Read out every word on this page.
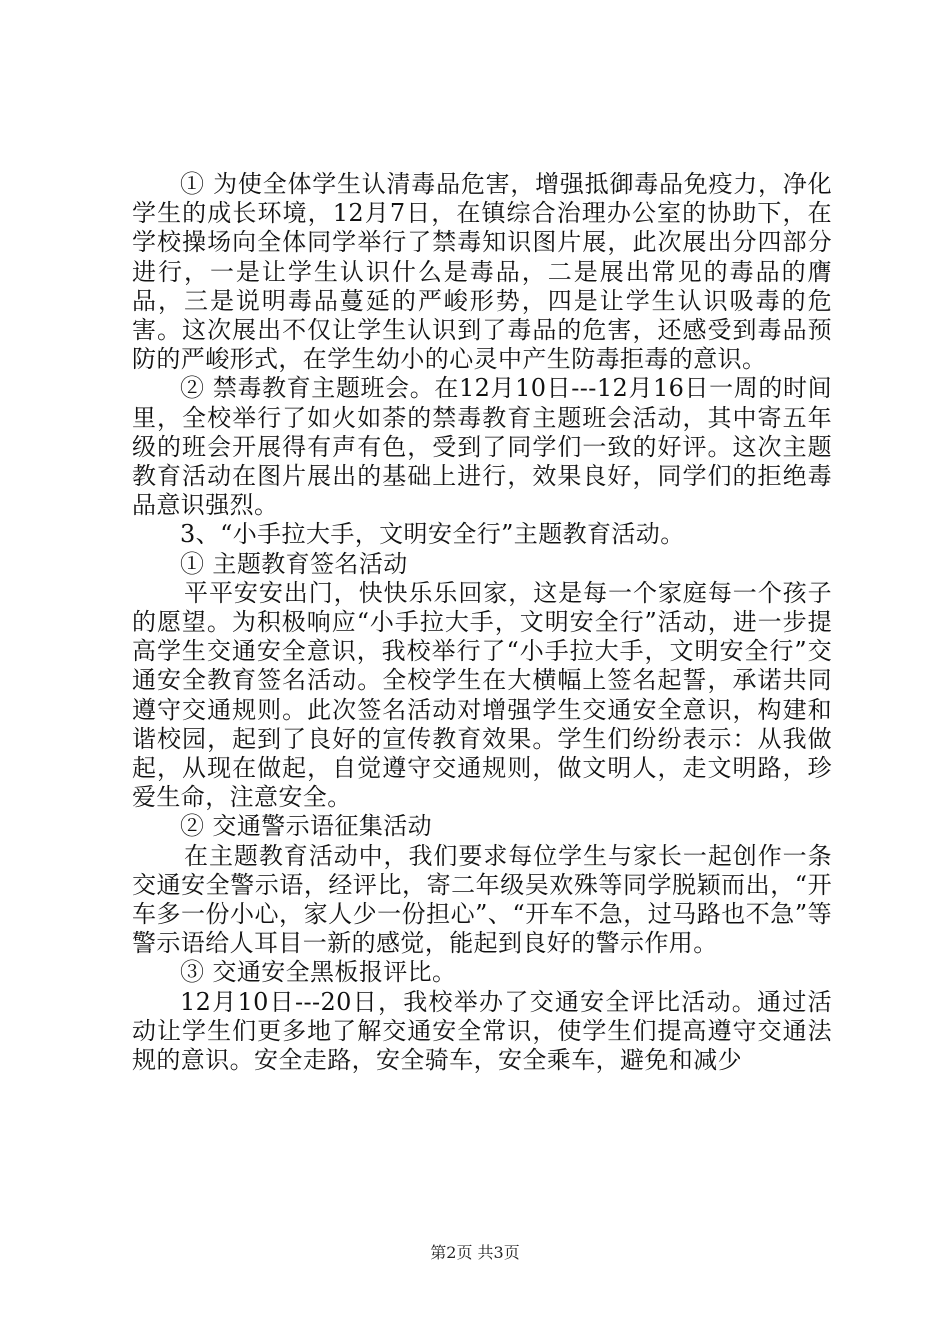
① 为使全体学生认清毒品危害，增强抵御毒品免疫力，净化学生的成长环境，12月7日，在镇综合治理办公室的协助下，在学校操场向全体同学举行了禁毒知识图片展，此次展出分四部分进行，一是让学生认识什么是毒品，二是展出常见的毒品的膺品，三是说明毒品蔓延的严峻形势，四是让学生认识吸毒的危害。这次展出不仅让学生认识到了毒品的危害，还感受到毒品预防的严峻形式，在学生幼小的心灵中产生防毒拒毒的意识。

② 禁毒教育主题班会。在12月10日---12月16日一周的时间里，全校举行了如火如荼的禁毒教育主题班会活动，其中寄五年级的班会开展得有声有色，受到了同学们一致的好评。这次主题教育活动在图片展出的基础上进行，效果良好，同学们的拒绝毒品意识强烈。

3、“小手拉大手，文明安全行”主题教育活动。

① 主题教育签名活动

平平安安出门，快快乐乐回家，这是每一个家庭每一个孩子的愿望。为积极响应“小手拉大手，文明安全行”活动，进一步提高学生交通安全意识，我校举行了“小手拉大手，文明安全行”交通安全教育签名活动。全校学生在大横幅上签名起誓，承诺共同遵守交通规则。此次签名活动对增强学生交通安全意识，构建和谐校园，起到了良好的宣传教育效果。学生们纷纷表示：从我做起，从现在做起，自觉遵守交通规则，做文明人，走文明路，珍爱生命，注意安全。

② 交通警示语征集活动

在主题教育活动中，我们要求每位学生与家长一起创作一条交通安全警示语，经评比，寄二年级吴欢殊等同学脱颖而出，“开车多一份小心，家人少一份担心”、“开车不急，过马路也不急”等警示语给人耳目一新的感觉，能起到良好的警示作用。

③ 交通安全黑板报评比。

12月10日---20日，我校举办了交通安全评比活动。通过活动让学生们更多地了解交通安全常识，使学生们提高遵守交通法规的意识。安全走路，安全骑车，安全乘车，避免和减少

第2页 共3页
